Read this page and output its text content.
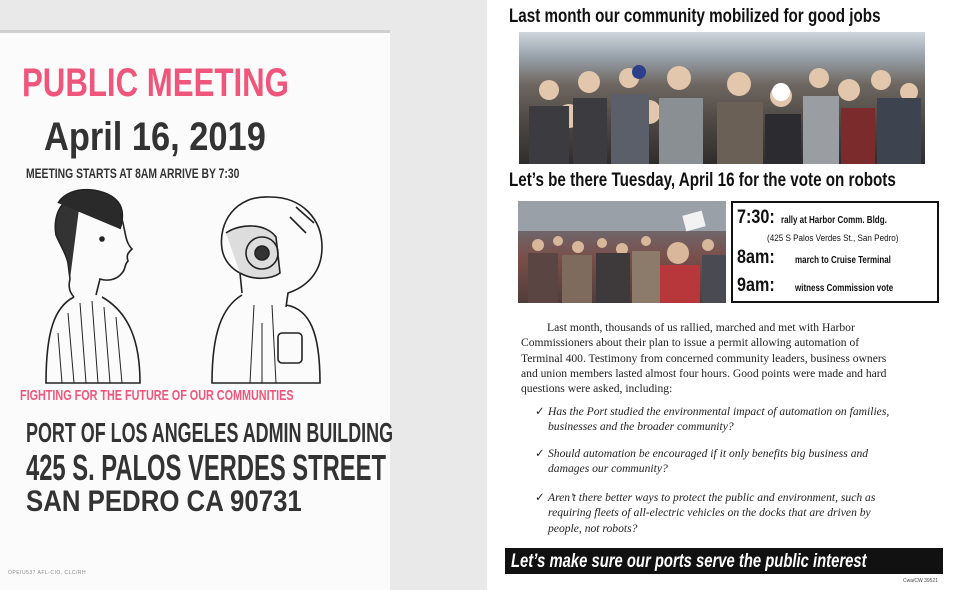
PUBLIC MEETING
April 16, 2019
MEETING STARTS AT 8AM ARRIVE BY 7:30
FIGHTING FOR THE FUTURE OF OUR COMMUNITIES
PORT OF LOS ANGELES ADMIN BUILDING
425 S. PALOS VERDES STREET
SAN PEDRO CA 90731
OPEIU537 AFL-CIO, CLC/RH
Last month our community mobilized for good jobs
Let’s be there Tuesday, April 16 for the vote on robots
7:30: rally at Harbor Comm. Bldg.
(425 S Palos Verdes St., San Pedro)
8am: march to Cruise Terminal
9am: witness Commission vote
Last month, thousands of us rallied, marched and met with Harbor
Commissioners about their plan to issue a permit allowing automation of
Terminal 400. Testimony from concerned community leaders, business owners
and union members lasted almost four hours. Good points were made and hard
questions were asked, including:
✓ Has the Port studied the environmental impact of automation on families,
businesses and the broader community?
✓ Should automation be encouraged if it only benefits big business and
damages our community?
✓ Aren’t there better ways to protect the public and environment, such as
requiring fleets of all-electric vehicles on the docks that are driven by
people, not robots?
Let’s make sure our ports serve the public interest
Cwa/CW 39521
